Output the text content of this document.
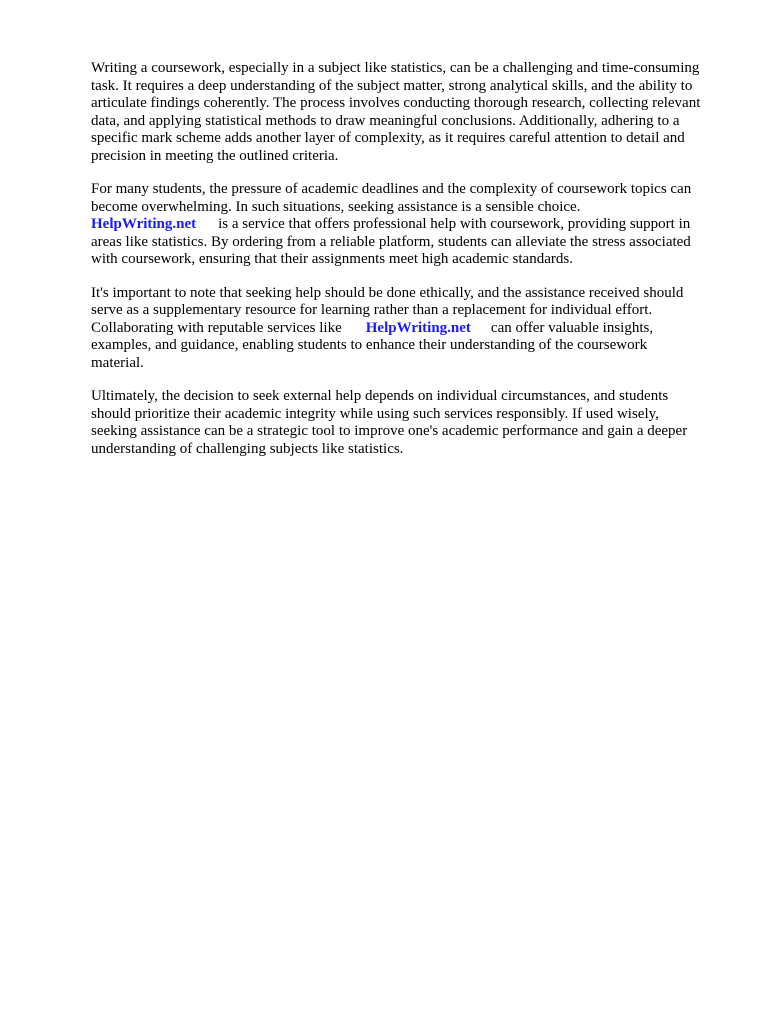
Writing a coursework, especially in a subject like statistics, can be a challenging and time-consuming
task. It requires a deep understanding of the subject matter, strong analytical skills, and the ability to
articulate findings coherently. The process involves conducting thorough research, collecting relevant
data, and applying statistical methods to draw meaningful conclusions. Additionally, adhering to a
specific mark scheme adds another layer of complexity, as it requires careful attention to detail and
precision in meeting the outlined criteria.

For many students, the pressure of academic deadlines and the complexity of coursework topics can
become overwhelming. In such situations, seeking assistance is a sensible choice.
HelpWriting.net is a service that offers professional help with coursework, providing support in
areas like statistics. By ordering from a reliable platform, students can alleviate the stress associated
with coursework, ensuring that their assignments meet high academic standards.

It's important to note that seeking help should be done ethically, and the assistance received should
serve as a supplementary resource for learning rather than a replacement for individual effort.
Collaborating with reputable services like HelpWriting.net can offer valuable insights,
examples, and guidance, enabling students to enhance their understanding of the coursework
material.

Ultimately, the decision to seek external help depends on individual circumstances, and students
should prioritize their academic integrity while using such services responsibly. If used wisely,
seeking assistance can be a strategic tool to improve one's academic performance and gain a deeper
understanding of challenging subjects like statistics.
